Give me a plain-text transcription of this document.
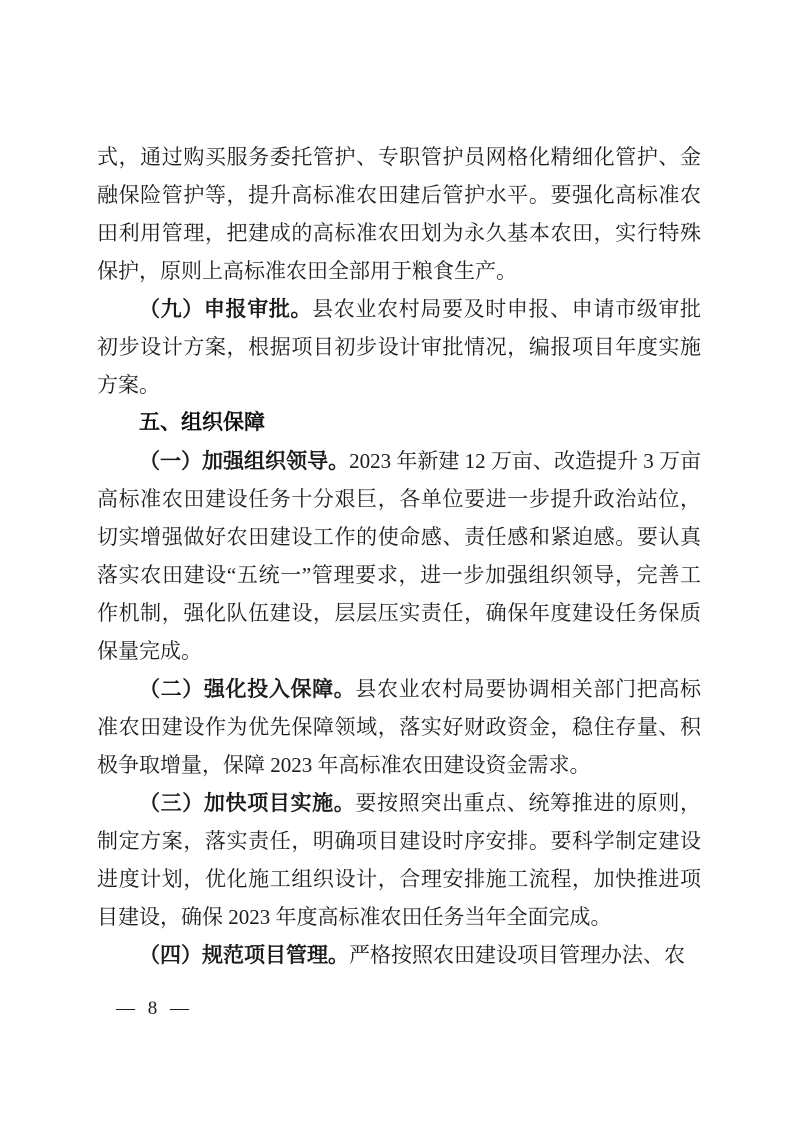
式，通过购买服务委托管护、专职管护员网格化精细化管护、金融保险管护等，提升高标准农田建后管护水平。要强化高标准农田利用管理，把建成的高标准农田划为永久基本农田，实行特殊保护，原则上高标准农田全部用于粮食生产。

（九）申报审批。县农业农村局要及时申报、申请市级审批初步设计方案，根据项目初步设计审批情况，编报项目年度实施方案。

五、组织保障

（一）加强组织领导。2023 年新建 12 万亩、改造提升 3 万亩高标准农田建设任务十分艰巨，各单位要进一步提升政治站位，切实增强做好农田建设工作的使命感、责任感和紧迫感。要认真落实农田建设“五统一”管理要求，进一步加强组织领导，完善工作机制，强化队伍建设，层层压实责任，确保年度建设任务保质保量完成。

（二）强化投入保障。县农业农村局要协调相关部门把高标准农田建设作为优先保障领域，落实好财政资金，稳住存量、积极争取增量，保障 2023 年高标准农田建设资金需求。

（三）加快项目实施。要按照突出重点、统筹推进的原则，制定方案，落实责任，明确项目建设时序安排。要科学制定建设进度计划，优化施工组织设计，合理安排施工流程，加快推进项目建设，确保 2023 年度高标准农田任务当年全面完成。

（四）规范项目管理。严格按照农田建设项目管理办法、农

— 8 —
